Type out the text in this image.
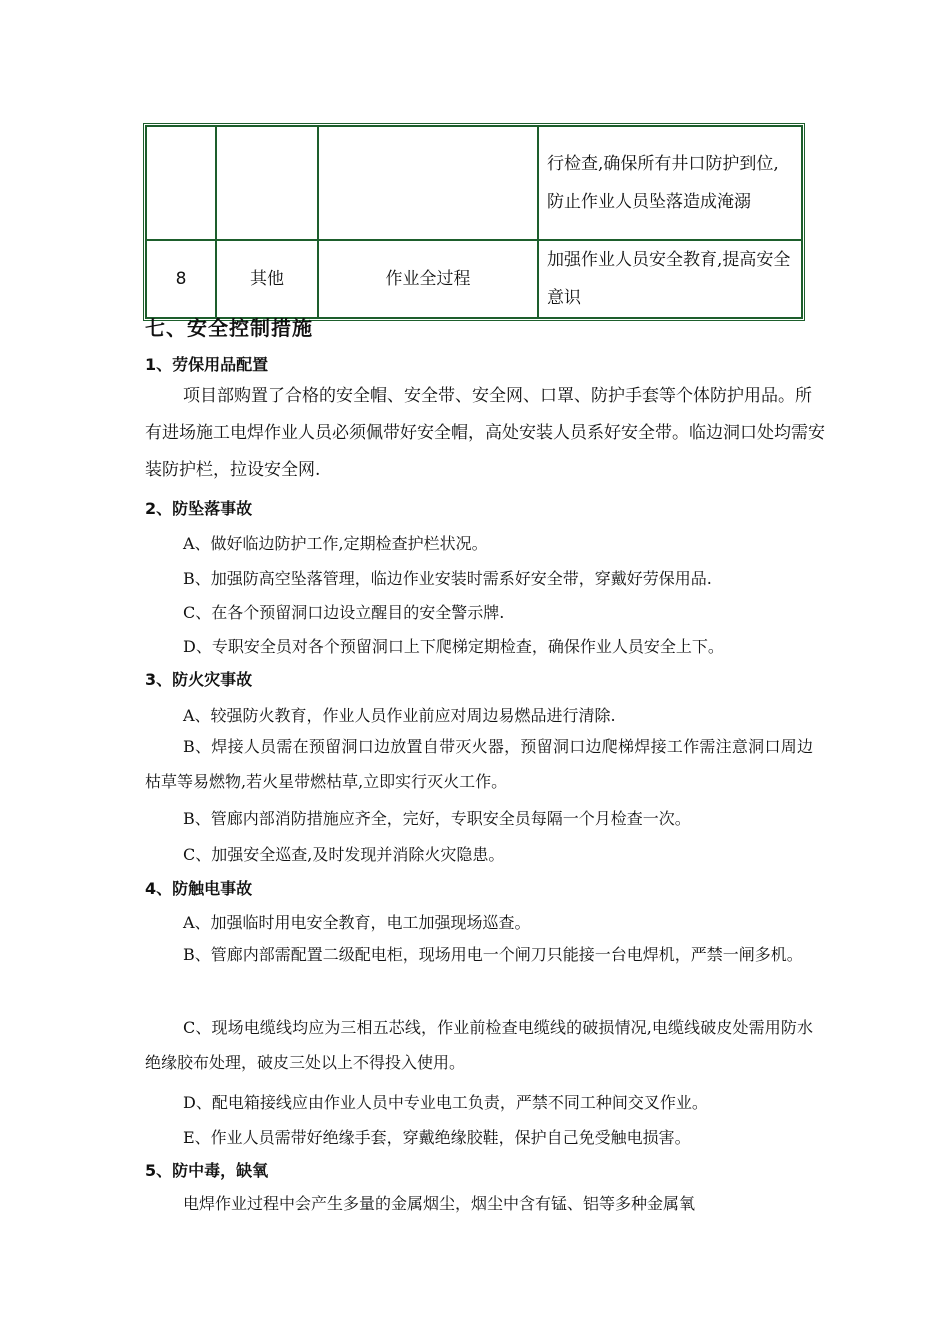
			行检查,确保所有井口防护到位,防止作业人员坠落造成淹溺
8	其他	作业全过程	加强作业人员安全教育,提高安全意识
七、安全控制措施
1、劳保用品配置
项目部购置了合格的安全帽、安全带、安全网、口罩、防护手套等个体防护用品。所有进场施工电焊作业人员必须佩带好安全帽，高处安装人员系好安全带。临边洞口处均需安装防护栏，拉设安全网.
2、防坠落事故
A、做好临边防护工作,定期检查护栏状况。
B、加强防高空坠落管理，临边作业安装时需系好安全带，穿戴好劳保用品.
C、在各个预留洞口边设立醒目的安全警示牌.
D、专职安全员对各个预留洞口上下爬梯定期检查，确保作业人员安全上下。
3、防火灾事故
A、较强防火教育，作业人员作业前应对周边易燃品进行清除.
B、焊接人员需在预留洞口边放置自带灭火器，预留洞口边爬梯焊接工作需注意洞口周边枯草等易燃物,若火星带燃枯草,立即实行灭火工作。
B、管廊内部消防措施应齐全，完好，专职安全员每隔一个月检查一次。
C、加强安全巡查,及时发现并消除火灾隐患。
4、防触电事故
A、加强临时用电安全教育，电工加强现场巡查。
B、管廊内部需配置二级配电柜，现场用电一个闸刀只能接一台电焊机，严禁一闸多机。
C、现场电缆线均应为三相五芯线，作业前检查电缆线的破损情况,电缆线破皮处需用防水绝缘胶布处理，破皮三处以上不得投入使用。
D、配电箱接线应由作业人员中专业电工负责，严禁不同工种间交叉作业。
E、作业人员需带好绝缘手套，穿戴绝缘胶鞋，保护自己免受触电损害。
5、防中毒，缺氧
电焊作业过程中会产生多量的金属烟尘，烟尘中含有锰、铝等多种金属氧
